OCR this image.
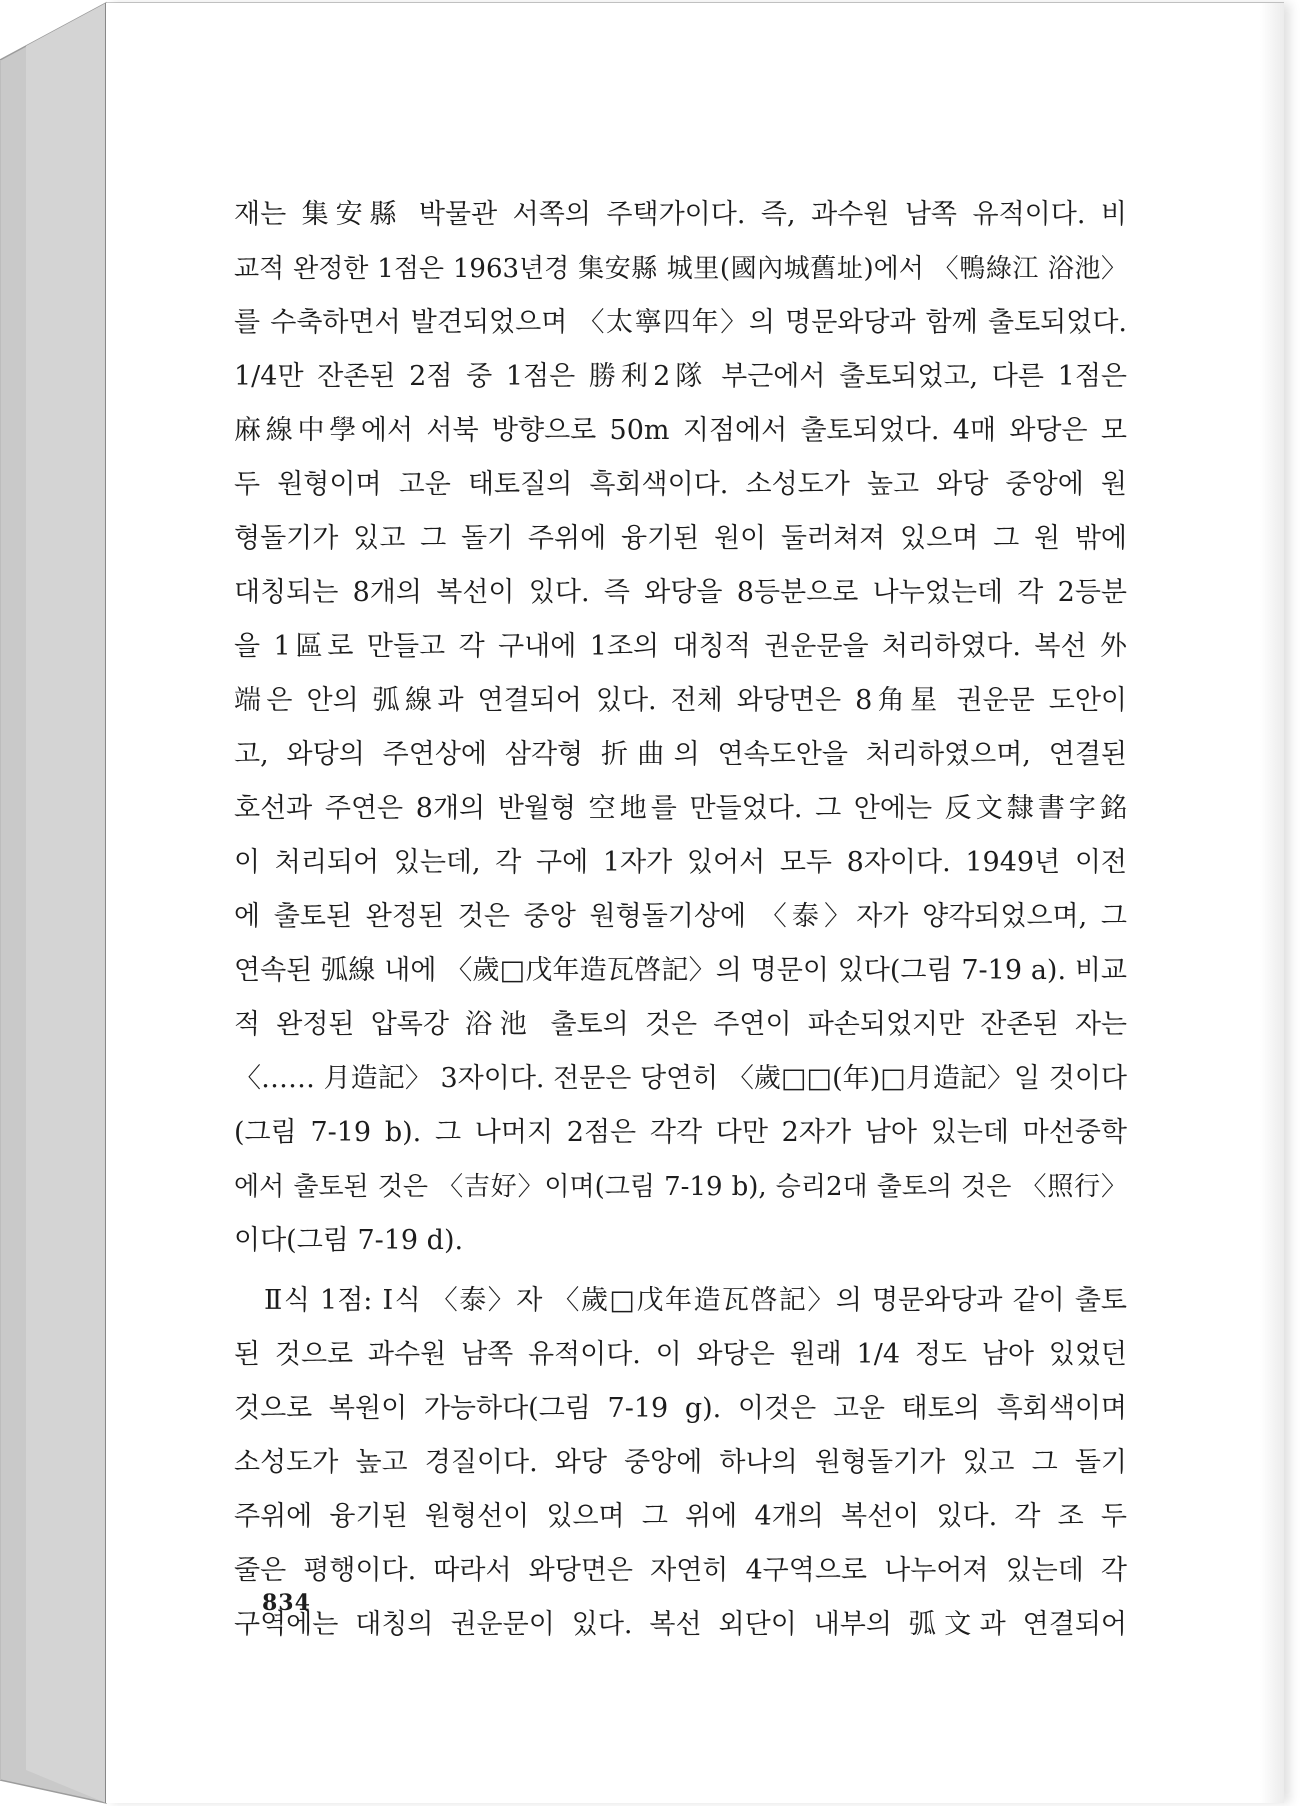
재는 集安縣 박물관 서쪽의 주택가이다. 즉, 과수원 남쪽 유적이다. 비
교적 완정한 1점은 1963년경 集安縣 城里(國內城舊址)에서 〈鴨綠江 浴池〉
를 수축하면서 발견되었으며 〈太寧四年〉의 명문와당과 함께 출토되었다.
1/4만 잔존된 2점 중 1점은 勝利2隊 부근에서 출토되었고, 다른 1점은
麻線中學에서 서북 방향으로 50m 지점에서 출토되었다. 4매 와당은 모
두 원형이며 고운 태토질의 흑회색이다. 소성도가 높고 와당 중앙에 원
형돌기가 있고 그 돌기 주위에 융기된 원이 둘러쳐져 있으며 그 원 밖에
대칭되는 8개의 복선이 있다. 즉 와당을 8등분으로 나누었는데 각 2등분
을 1區로 만들고 각 구내에 1조의 대칭적 권운문을 처리하였다. 복선 外
端은 안의 弧線과 연결되어 있다. 전체 와당면은 8角星 권운문 도안이
고, 와당의 주연상에 삼각형 折曲의 연속도안을 처리하였으며, 연결된
호선과 주연은 8개의 반월형 空地를 만들었다. 그 안에는 反文隸書字銘
이 처리되어 있는데, 각 구에 1자가 있어서 모두 8자이다. 1949년 이전
에 출토된 완정된 것은 중앙 원형돌기상에 〈泰〉자가 양각되었으며, 그
연속된 弧線 내에 〈歲□戊年造瓦啓記〉의 명문이 있다(그림 7-19 a). 비교
적 완정된 압록강 浴池 출토의 것은 주연이 파손되었지만 잔존된 자는
〈…… 月造記〉 3자이다. 전문은 당연히 〈歲□□(年)□月造記〉일 것이다
(그림 7-19 b). 그 나머지 2점은 각각 다만 2자가 남아 있는데 마선중학
에서 출토된 것은 〈吉好〉이며(그림 7-19 b), 승리2대 출토의 것은 〈照行〉
이다(그림 7-19 d).
Ⅱ식 1점: Ⅰ식 〈泰〉자 〈歲□戊年造瓦啓記〉의 명문와당과 같이 출토
된 것으로 과수원 남쪽 유적이다. 이 와당은 원래 1/4 정도 남아 있었던
것으로 복원이 가능하다(그림 7-19 g). 이것은 고운 태토의 흑회색이며
소성도가 높고 경질이다. 와당 중앙에 하나의 원형돌기가 있고 그 돌기
주위에 융기된 원형선이 있으며 그 위에 4개의 복선이 있다. 각 조 두
줄은 평행이다. 따라서 와당면은 자연히 4구역으로 나누어져 있는데 각
구역에는 대칭의 권운문이 있다. 복선 외단이 내부의 弧文과 연결되어
834
